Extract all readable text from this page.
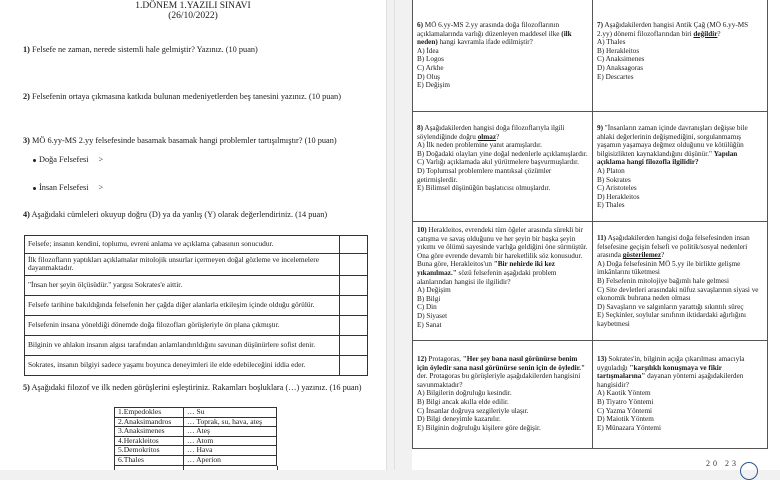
1.DÖNEM 1.YAZILI SINAVI
(26/10/2022)
1) Felsefe ne zaman, nerede sistemli hale gelmiştir? Yazınız. (10 puan)
2) Felsefenin ortaya çıkmasına katkıda bulunan medeniyetlerden beş tanesini yazınız. (10 puan)
3) MÖ 6.yy-MS 2.yy felsefesinde basamak basamak hangi problemler tartışılmıştır? (10 puan)
Doğa Felsefesi >
İnsan Felsefesi >
4) Aşağıdaki cümleleri okuyup doğru (D) ya da yanlış (Y) olarak değerlendiriniz. (14 puan)
Felsefe; insanın kendini, toplumu, evreni anlama ve açıklama çabasının sonucudur.	
İlk filozofların yaptıkları açıklamalar mitolojik unsurlar içermeyen doğal gözleme ve incelemelere dayanmaktadır.	
"İnsan her şeyin ölçüsüdür." yargısı Sokrates'e aittir.	
Felsefe tarihine bakıldığında felsefenin her çağda diğer alanlarla etkileşim içinde olduğu görülür.	
Felsefenin insana yöneldiği dönemde doğa filozofları görüşleriyle ön plana çıkmıştır.	
Bilginin ve ahlakın insanın algısı tarafından anlamlandırıldığını savunan düşünürlere sofist denir.	
Sokrates, insanın bilgiyi sadece yaşamı boyunca deneyimleri ile elde edebileceğini iddia eder.	
5) Aşağıdaki filozof ve ilk neden görüşlerini eşleştiriniz. Rakamları boşluklara (…) yazınız. (16 puan)
1.Empedokles	… Su
2.Anaksimandros	… Toprak, su, hava, ateş
3.Anaksimenes	… Ateş
4.Herakleitos	… Atom
5.Demokritos	… Hava
6.Thales	… Aperion
6) MÖ 6.yy-MS 2.yy arasında doğa filozoflarının açıklamalarında varlığı düzenleyen maddesel ilke (ilk neden) hangi kavramla ifade edilmiştir?
A) İdea
B) Logos
C) Arkhe
D) Oluş
E) Değişim
7) Aşağıdakilerden hangisi Antik Çağ (MÖ 6.yy-MS 2.yy) dönemi filozoflarından biri değildir?
A) Thales
B) Herakleitos
C) Anaksimenes
D) Anaksagoras
E) Descartes
8) Aşağıdakilerden hangisi doğa filozoflarıyla ilgili söylendiğinde doğru olmaz?
A) İlk neden problemine yanıt aramışlardır.
B) Doğadaki olayları yine doğal nedenlerle açıklamışlardır.
C) Varlığı açıklamada akıl yürütmelere başvurmuşlardır.
D) Toplumsal problemlere mantıksal çözümler getirmişlerdir.
E) Bilimsel düşünüğün başlatıcısı olmuşlardır.
9) "İnsanların zaman içinde davranışları değişse bile ahlaki değerlerinin değişmediğini, sorgulanmamış yaşamın yaşamaya değmez olduğunu ve kötülüğün bilgisizlikten kaynaklandığını düşünür." Yapılan açıklama hangi filozofla ilgilidir?
A) Platon
B) Sokrates
C) Aristoteles
D) Herakleitos
E) Thales
10) Herakleitos, evrendeki tüm öğeler arasında sürekli bir çatışma ve savaş olduğunu ve her şeyin bir başka şeyin yıkımı ve ölümü sayesinde varlığa geldiğini öne sürmüştür. Ona göre evrende devamlı bir hareketlilik söz konusudur. Buna göre, Herakleitos'un "Bir nehirde iki kez yıkanılmaz." sözü felsefenin aşağıdaki problem alanlarından hangisi ile ilgilidir?
A) Değişim
B) Bilgi
C) Din
D) Siyaset
E) Sanat
11) Aşağıdakilerden hangisi doğa felsefesinden insan felsefesine geçişin felsefi ve politik/sosyal nedenleri arasında gösterilemez?
A) Doğa felsefesinin MÖ 5.yy ile birlikte gelişme imkânlarını tüketmesi
B) Felsefenin mitolojiye bağımlı hale gelmesi
C) Site devletleri arasındaki nüfuz savaşlarının siyasi ve ekonomik buhrana neden olması
D) Savaşların ve salgınların yarattığı sıkıntılı süreç
E) Seçkinler, soylular sınıfının iktidardaki ağırlığını kaybetmesi
12) Protagoras, "Her şey bana nasıl görünürse benim için öyledir sana nasıl görünürse senin için de öyledir." der. Protagoras bu görüşleriyle aşağıdakilerden hangisini savunmaktadır?
A) Bilgilerin doğruluğu kesindir.
B) Bilgi ancak akılla elde edilir.
C) İnsanlar doğruya sezgileriyle ulaşır.
D) Bilgi deneyimle kazanılır.
E) Bilginin doğruluğu kişilere göre değişir.
13) Sokrates'in, bilginin açığa çıkarılması amacıyla uyguladığı "karşılıklı konuşmaya ve fikir tartışmalarına" dayanan yöntemi aşağıdakilerden hangisidir?
A) Kaotik Yöntem
B) Tiyatro Yöntemi
C) Yazma Yöntemi
D) Maiotik Yöntem
E) Münazara Yöntemi
20 23
